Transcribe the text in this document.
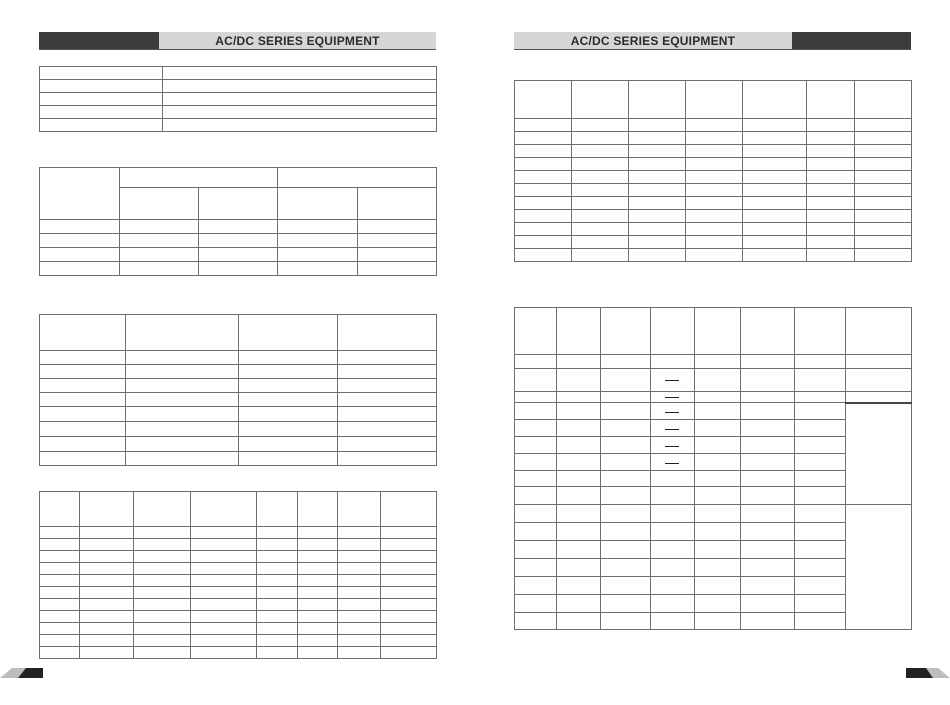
AC/DC SERIES EQUIPMENT	AC/DC SERIES EQUIPMENT
